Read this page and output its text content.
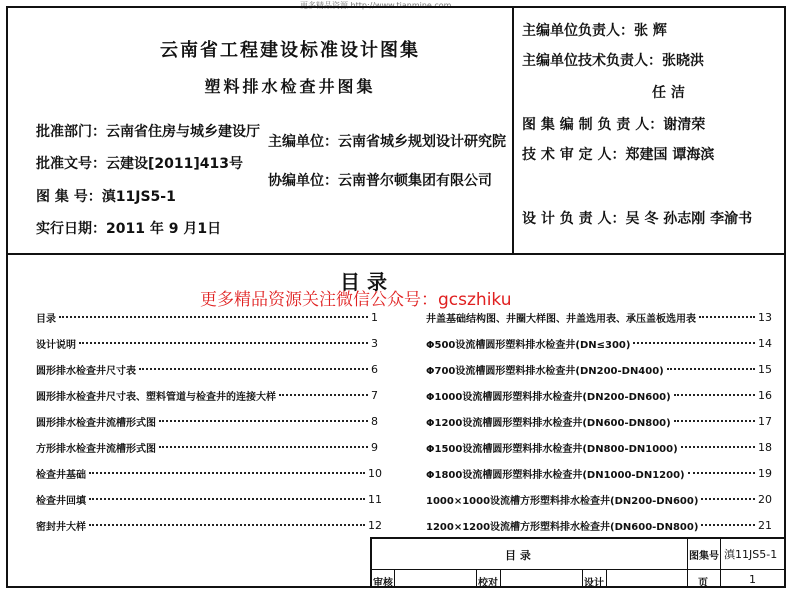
更多精品资源 http://www.tianmine.com
云南省工程建设标准设计图集
塑料排水检查井图集
批准部门：云南省住房与城乡建设厅
批准文号：云建设[2011]413号
图 集 号：滇11JS5-1
实行日期：2011 年 9 月1日
主编单位：云南省城乡规划设计研究院
协编单位：云南普尔顿集团有限公司
主编单位负责人：张 辉
主编单位技术负责人：张晓洪
任 洁
图 集 编 制 负 责 人：谢清荣
技 术 审 定 人：郑建国 谭海滨
设 计 负 责 人：吴 冬 孙志刚 李渝书
目 录
更多精品资源关注微信公众号：gcszhiku
目录	1
设计说明	3
圆形排水检查井尺寸表	6
圆形排水检查井尺寸表、塑料管道与检查井的连接大样	7
圆形排水检查井流槽形式图	8
方形排水检查井流槽形式图	9
检查井基础	10
检查井回填	11
密封井大样	12
井盖基础结构图、井圈大样图、井盖选用表、承压盖板选用表	13
Φ500设流槽圆形塑料排水检查井(DN≤300)	14
Φ700设流槽圆形塑料排水检查井(DN200-DN400)	15
Φ1000设流槽圆形塑料排水检查井(DN200-DN600)	16
Φ1200设流槽圆形塑料排水检查井(DN600-DN800)	17
Φ1500设流槽圆形塑料排水检查井(DN800-DN1000)	18
Φ1800设流槽圆形塑料排水检查井(DN1000-DN1200)	19
1000×1000设流槽方形塑料排水检查井(DN200-DN600)	20
1200×1200设流槽方形塑料排水检查井(DN600-DN800)	21
目 录	图集号 滇11JS5-1
审核	校对	设计	页	1
